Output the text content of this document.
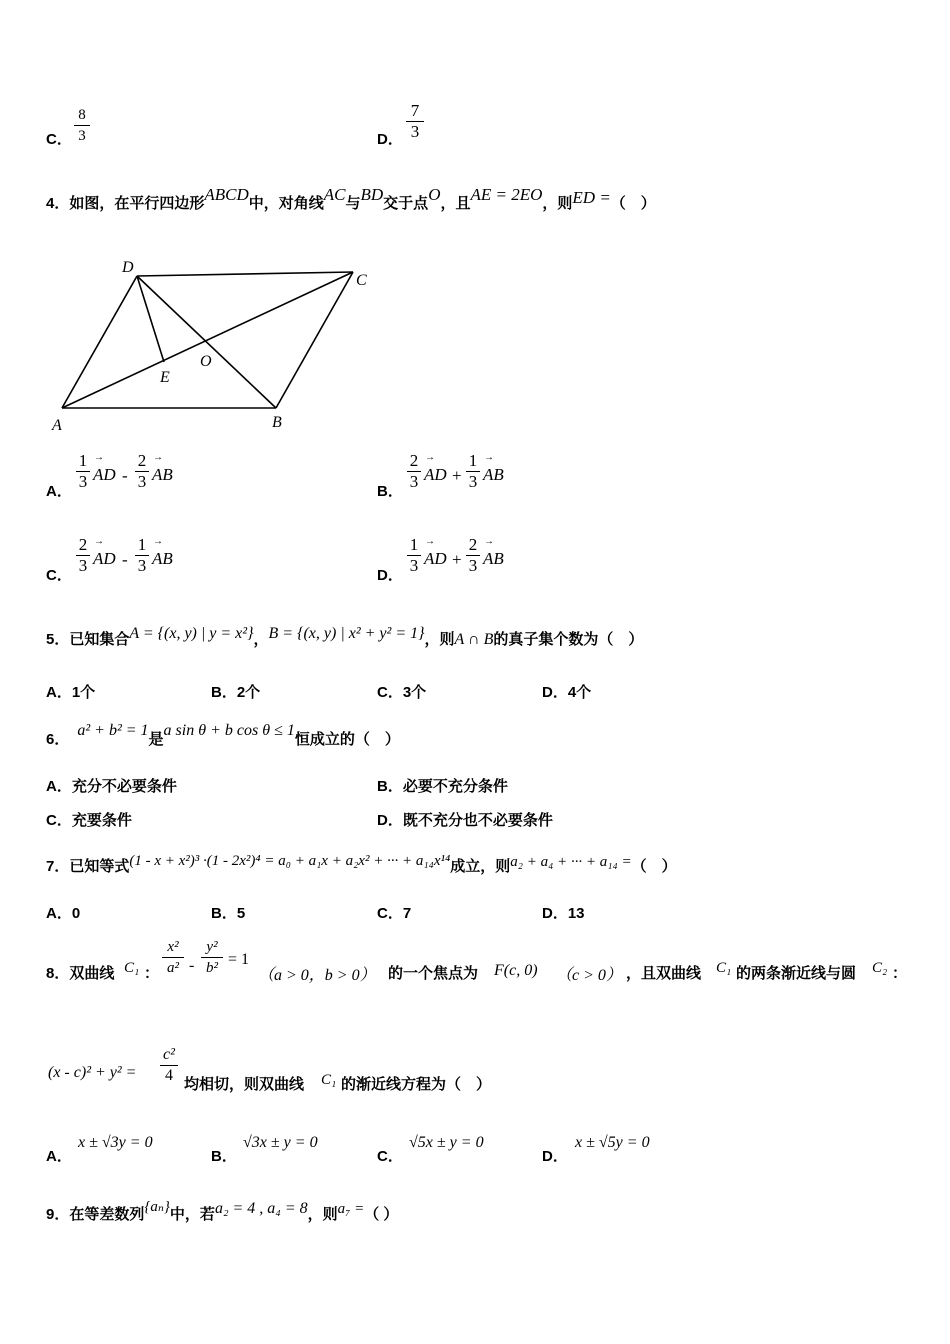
C．
8
3	D．
7
3
4．如图，在平行四边形ABCD中，对角线AC与BD交于点O，且AE = 2EO，则ED =（　）
D
C
O
E
A	B
A．
1
3 → AD -
2
3 → AB
B．
2
3 → AD +
1
3 → AB
C．
2
3 → AD -
1
3 → AB
D．
1
3 → AD +
2
3 → AB
5．已知集合A = {(x, y) | y = x²}，B = {(x, y) | x² + y² = 1}，则A ∩ B的真子集个数为（　）
A．1个	B．2个	C．3个	D．4个
6．a² + b² = 1是a sin θ + b cos θ ≤ 1恒成立的（　）
A．充分不必要条件	B．必要不充分条件
C．充要条件	D．既不充分也不必要条件
7．已知等式(1 - x + x²)³ ·(1 - 2x²)⁴ = a₀ + a₁x + a₂x² + ··· + a₁₄x¹⁴成立，则a₂ + a₄ + ··· + a₁₄ =（　）
A．0	B．5	C．7	D．13
8．双曲线 C₁ ：
x²
a² -
y²
b² = 1
（a > 0，b > 0） 的一个焦点为 F(c, 0) （c > 0） ，且双曲线 C₁ 的两条渐近线与圆 C₂ ：
(x - c)² + y² =
c²
4
均相切，则双曲线 C₁ 的渐近线方程为（　）
A．
x ± √3y = 0
B．
√3x ± y = 0
C．
√5x ± y = 0
D．
x ± √5y = 0
9．在等差数列{aₙ}中，若a₂ = 4 , a₄ = 8，则a₇ =（ ）
